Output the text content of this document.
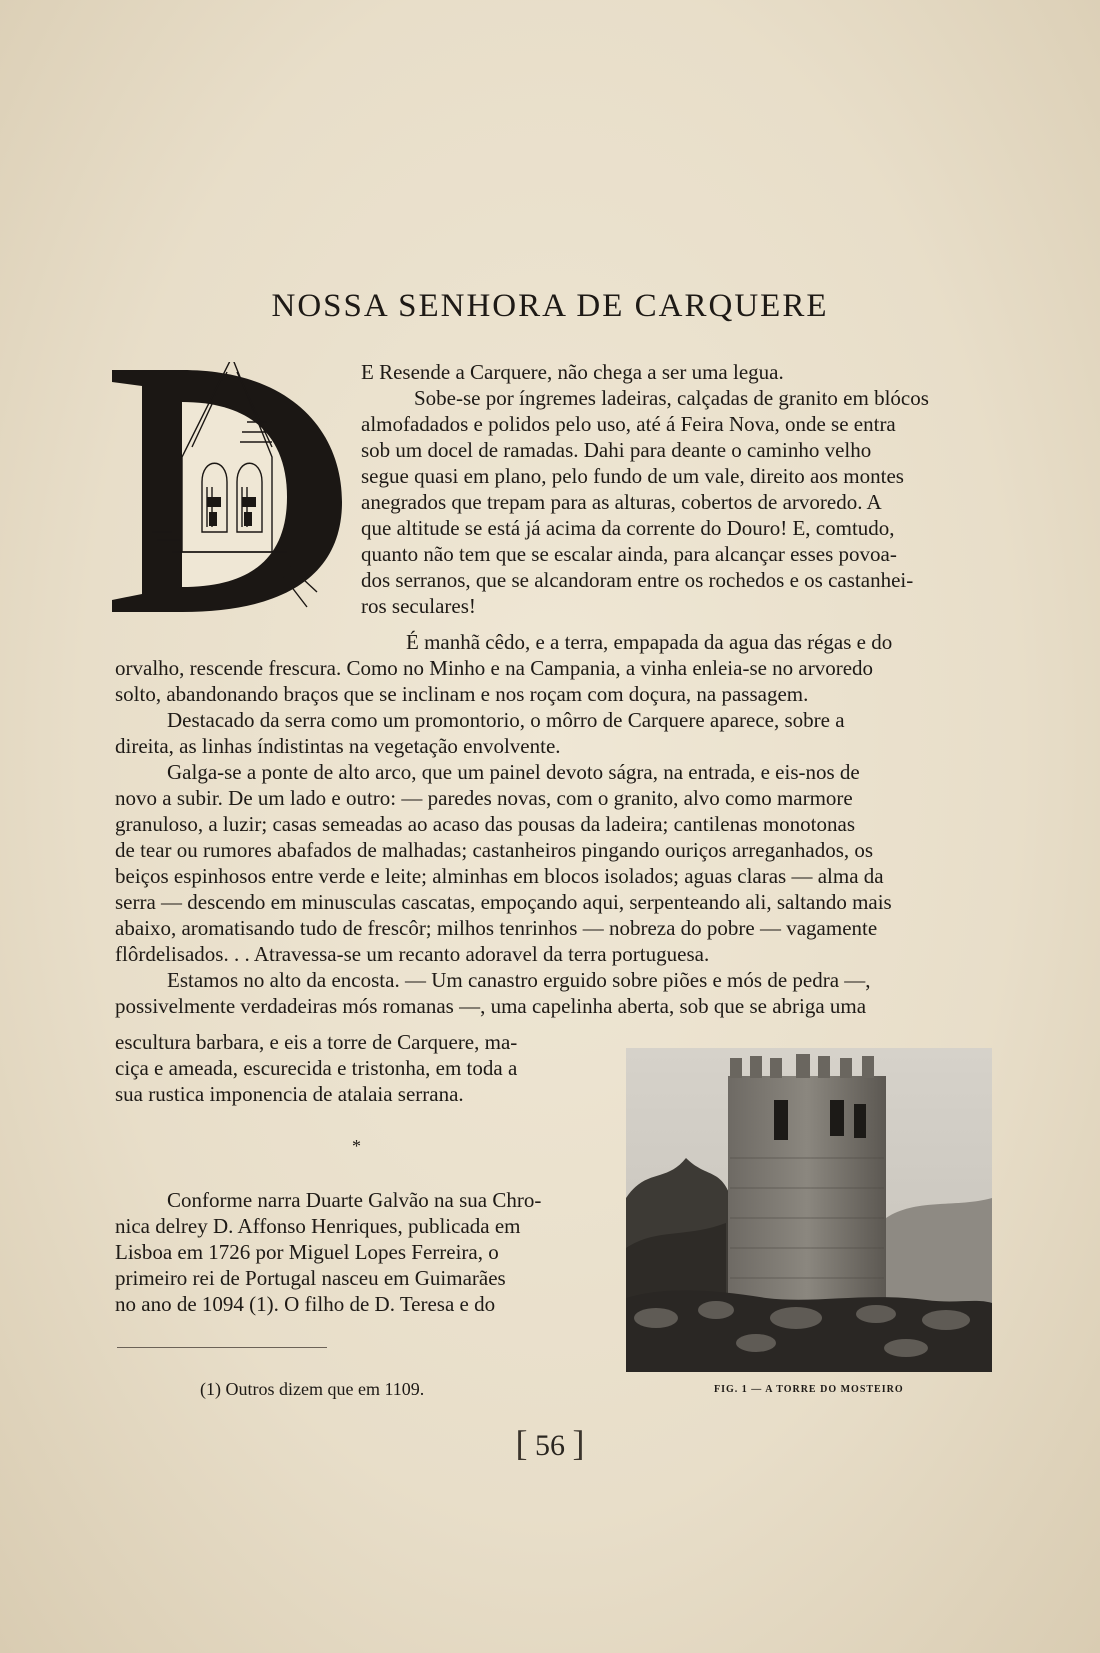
NOSSA SENHORA DE CARQUERE

E Resende a Carquere, não chega a ser uma legua.
Sobe-se por íngremes ladeiras, calçadas de granito em blócos
almofadados e polidos pelo uso, até á Feira Nova, onde se entra
sob um docel de ramadas. Dahi para deante o caminho velho
segue quasi em plano, pelo fundo de um vale, direito aos montes
anegrados que trepam para as alturas, cobertos de arvoredo. A
que altitude se está já acima da corrente do Douro! E, comtudo,
quanto não tem que se escalar ainda, para alcançar esses povoa-
dos serranos, que se alcandoram entre os rochedos e os castanhei-
ros seculares!

É manhã cêdo, e a terra, empapada da agua das régas e do
orvalho, rescende frescura. Como no Minho e na Campania, a vinha enleia-se no arvoredo
solto, abandonando braços que se inclinam e nos roçam com doçura, na passagem.
Destacado da serra como um promontorio, o môrro de Carquere aparece, sobre a
direita, as linhas índistintas na vegetação envolvente.
Galga-se a ponte de alto arco, que um painel devoto ságra, na entrada, e eis-nos de
novo a subir. De um lado e outro: — paredes novas, com o granito, alvo como marmore
granuloso, a luzir; casas semeadas ao acaso das pousas da ladeira; cantilenas monotonas
de tear ou rumores abafados de malhadas; castanheiros pingando ouriços arreganhados, os
beiços espinhosos entre verde e leite; alminhas em blocos isolados; aguas claras — alma da
serra — descendo em minusculas cascatas, empoçando aqui, serpenteando ali, saltando mais
abaixo, aromatisando tudo de frescôr; milhos tenrinhos — nobreza do pobre — vagamente
flôrdelisados. . . Atravessa-se um recanto adoravel da terra portuguesa.
Estamos no alto da encosta. — Um canastro erguido sobre piões e mós de pedra —,
possivelmente verdadeiras mós romanas —, uma capelinha aberta, sob que se abriga uma

escultura barbara, e eis a torre de Carquere, ma-
ciça e ameada, escurecida e tristonha, em toda a
sua rustica imponencia de atalaia serrana.

*

Conforme narra Duarte Galvão na sua Chro-
nica delrey D. Affonso Henriques, publicada em
Lisboa em 1726 por Miguel Lopes Ferreira, o
primeiro rei de Portugal nasceu em Guimarães
no ano de 1094 (1). O filho de D. Teresa e do

FIG. 1 — A TORRE DO MOSTEIRO
(1) Outros dizem que em 1109.
[ 56 ]
